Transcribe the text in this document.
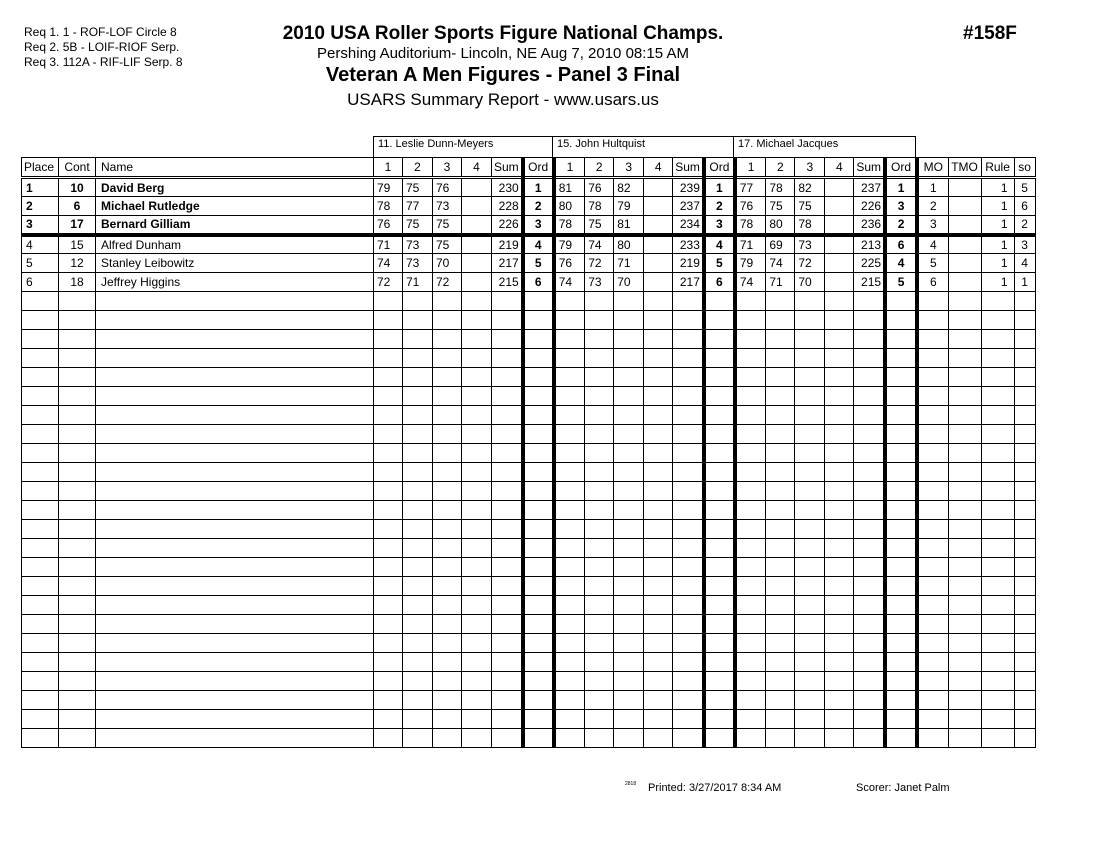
Req 1. 1 - ROF-LOF Circle 8
Req 2. 5B - LOIF-RIOF Serp.
Req 3. 112A - RIF-LIF Serp. 8
2010 USA Roller Sports Figure National Champs.
Pershing Auditorium- Lincoln, NE Aug 7, 2010 08:15 AM
Veteran A Men Figures - Panel 3 Final
USARS Summary Report - www.usars.us
#158F
11. Leslie Dunn-Meyers	15. John Hultquist	17. Michael Jacques
Place	Cont	Name	1	2	3	4	Sum	Ord	1	2	3	4	Sum	Ord	1	2	3	4	Sum	Ord	MO	TMO	Rule	so
1	10	David Berg	79	75	76		230	1	81	76	82		239	1	77	78	82		237	1	1		1	5
2	6	Michael Rutledge	78	77	73		228	2	80	78	79		237	2	76	75	75		226	3	2		1	6
3	17	Bernard Gilliam	76	75	75		226	3	78	75	81		234	3	78	80	78		236	2	3		1	2
4	15	Alfred Dunham	71	73	75		219	4	79	74	80		233	4	71	69	73		213	6	4		1	3
5	12	Stanley Leibowitz	74	73	70		217	5	76	72	71		219	5	79	74	72		225	4	5		1	4
6	18	Jeffrey Higgins	72	71	72		215	6	74	73	70		217	6	74	71	70		215	5	6		1	1

2818 Printed: 3/27/2017 8:34 AM	Scorer: Janet Palm
